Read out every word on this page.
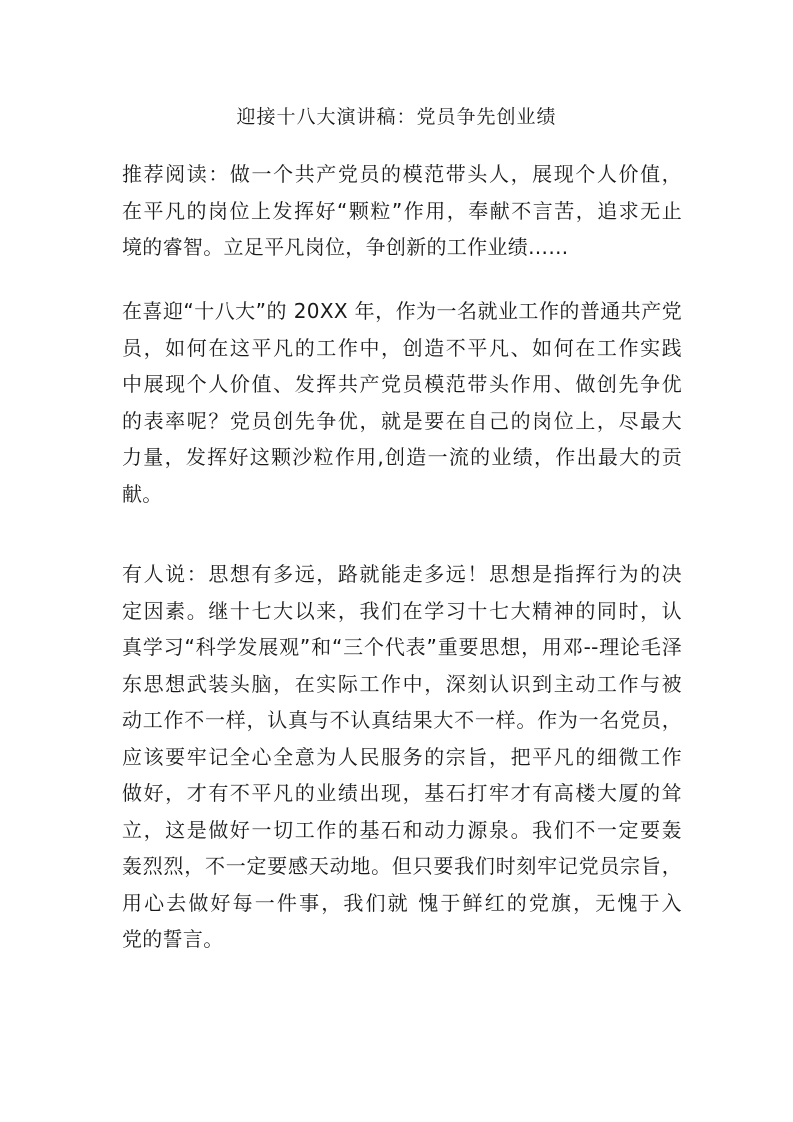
迎接十八大演讲稿：党员争先创业绩
推荐阅读：做一个共产党员的模范带头人，展现个人价值，
在平凡的岗位上发挥好“颗粒”作用，奉献不言苦，追求无止
境的睿智。立足平凡岗位，争创新的工作业绩……
在喜迎“十八大”的 20XX 年，作为一名就业工作的普通共产党
员，如何在这平凡的工作中，创造不平凡、如何在工作实践
中展现个人价值、发挥共产党员模范带头作用、做创先争优
的表率呢？党员创先争优，就是要在自己的岗位上，尽最大
力量，发挥好这颗沙粒作用,创造一流的业绩，作出最大的贡
献。
有人说：思想有多远，路就能走多远！思想是指挥行为的决
定因素。继十七大以来，我们在学习十七大精神的同时，认
真学习“科学发展观”和“三个代表”重要思想，用邓--理论毛泽
东思想武装头脑，在实际工作中，深刻认识到主动工作与被
动工作不一样，认真与不认真结果大不一样。作为一名党员，
应该要牢记全心全意为人民服务的宗旨，把平凡的细微工作
做好，才有不平凡的业绩出现，基石打牢才有高楼大厦的耸
立，这是做好一切工作的基石和动力源泉。我们不一定要轰
轰烈烈，不一定要感天动地。但只要我们时刻牢记党员宗旨，
用心去做好每一件事，我们就 愧于鲜红的党旗，无愧于入
党的誓言。
